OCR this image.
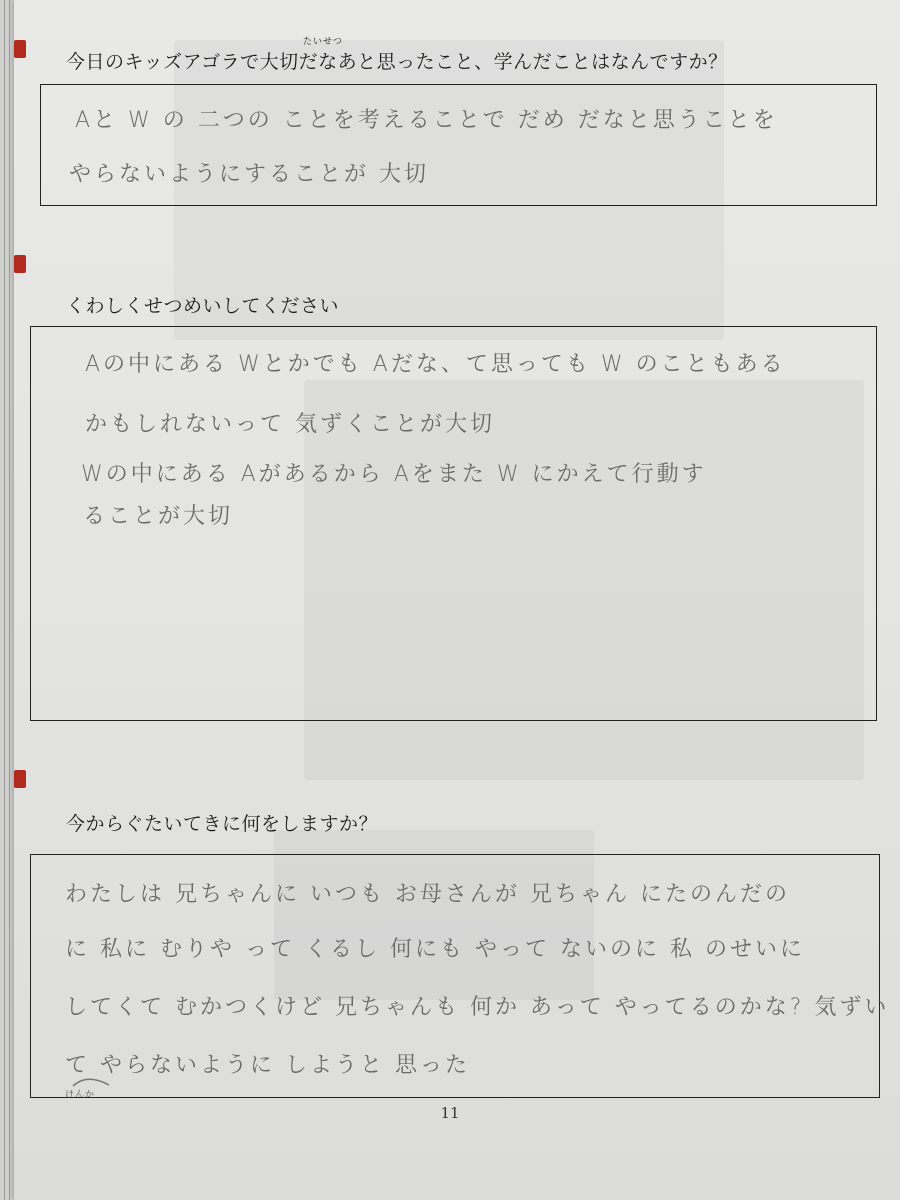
たいせつ
今日のキッズアゴラで大切だなあと思ったこと、学んだことはなんですか？
Aと W の 二つの ことを考えることで だめ だなと思うことを
やらないようにすることが 大切
くわしくせつめいしてください
Aの中にある Wとかでも Aだな、て思っても W のこともある
かもしれないって 気ずくことが大切
Wの中にある Aがあるから Aをまた W にかえて行動す
ることが大切
今からぐたいてきに何をしますか？
わたしは 兄ちゃんに いつも お母さんが 兄ちゃん にたのんだの
に 私に むりや って くるし 何にも やって ないのに 私 のせいに
してくて むかつくけど 兄ちゃんも 何か あって やってるのかな? 気ずい
て やらないように しようと 思った
けんか
11
